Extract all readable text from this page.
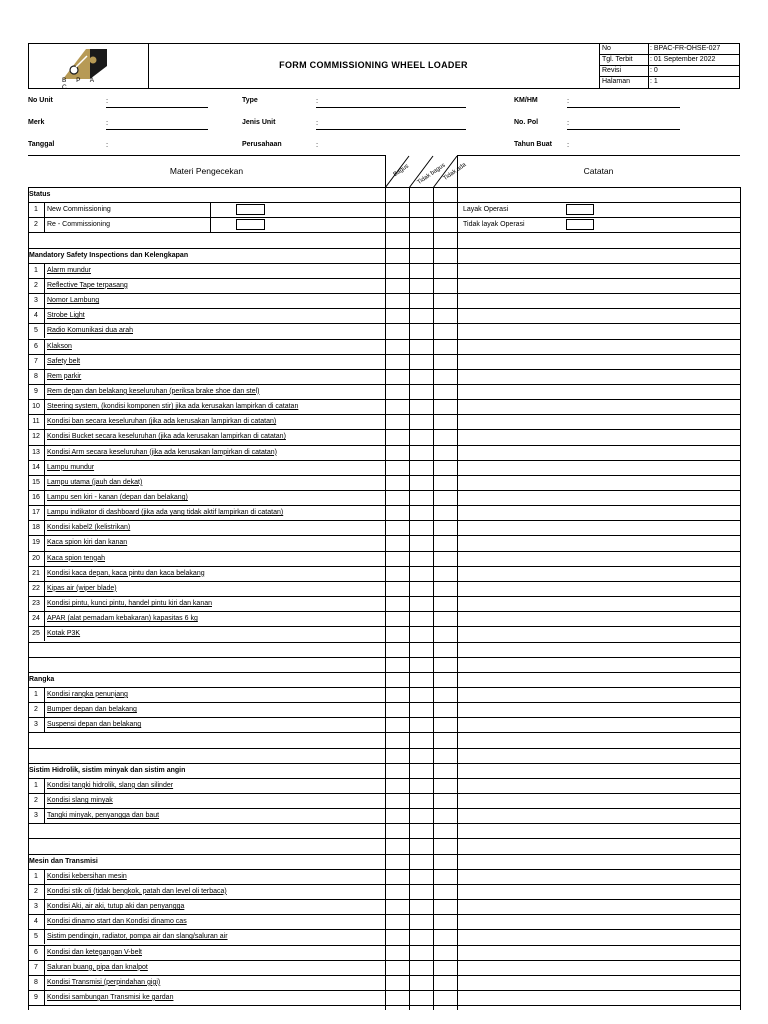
B P A C
FORM COMMISSIONING WHEEL LOADER
No	: BPAC-FR-OHSE-027
Tgl. Terbit : 01 September 2022
Revisi	: 0
Halaman	: 1
No Unit	:
Merk	:
Tanggal	:
Type	:
Jenis Unit	:
Perusahaan	:
KM/HM	:
No. Pol	:
Tahun Buat :
Materi Pengecekan	Catatan
Bagus Tidak bagus
Tidak ada
Status
1	New Commissioning	Layak Operasi
2	Re - Commissioning	Tidak layak Operasi
Mandatory Safety Inspections dan Kelengkapan
1	Alarm mundur
2	Reflective Tape terpasang
3	Nomor Lambung
4	Strobe Light
5	Radio Komunikasi dua arah
6	Klakson
7	Safety belt
8	Rem parkir
9	Rem depan dan belakang keseluruhan (periksa brake shoe dan stel)
10	Steering system, (kondisi komponen stir) jika ada kerusakan lampirkan di catatan
11	Kondisi ban secara keseluruhan (jika ada kerusakan lampirkan di catatan)
12	Kondisi Bucket secara keseluruhan (jika ada kerusakan lampirkan di catatan)
13	Kondisi Arm secara keseluruhan (jika ada kerusakan lampirkan di catatan)
14	Lampu mundur
15	Lampu utama (jauh dan dekat)
16	Lampu sen kiri - kanan (depan dan belakang)
17	Lampu indikator di dashboard (jika ada yang tidak aktif lampirkan di catatan)
18	Kondisi kabel2 (kelistrikan)
19	Kaca spion kiri dan kanan
20	Kaca spion tengah
21	Kondisi kaca depan, kaca pintu dan kaca belakang
22	Kipas air (wiper blade)
23	Kondisi pintu, kunci pintu, handel pintu kiri dan kanan
24	APAR (alat pemadam kebakaran) kapasitas 6 kg
25	Kotak P3K
Rangka
1	Kondisi rangka penunjang
2	Bumper depan dan belakang
3	Suspensi depan dan belakang
Sistim Hidrolik, sistim minyak dan sistim angin
1	Kondisi tangki hidrolik, slang dan silinder
2	Kondisi slang minyak
3	Tangki minyak, penyangga dan baut
Mesin dan Transmisi
1	Kondisi kebersihan mesin
2	Kondisi stik oli (tidak bengkok, patah dan level oli terbaca)
3	Kondisi Aki, air aki, tutup aki dan penyangga
4	Kondisi dinamo start dan Kondisi dinamo cas
5	Sistim pendingin, radiator, pompa air dan slang/saluran air
6	Kondisi dan ketegangan V-belt
7	Saluran buang, pipa dan knalpot
8	Kondisi Transmisi (perpindahan gigi)
9	Kondisi sambungan Transmisi ke gardan
